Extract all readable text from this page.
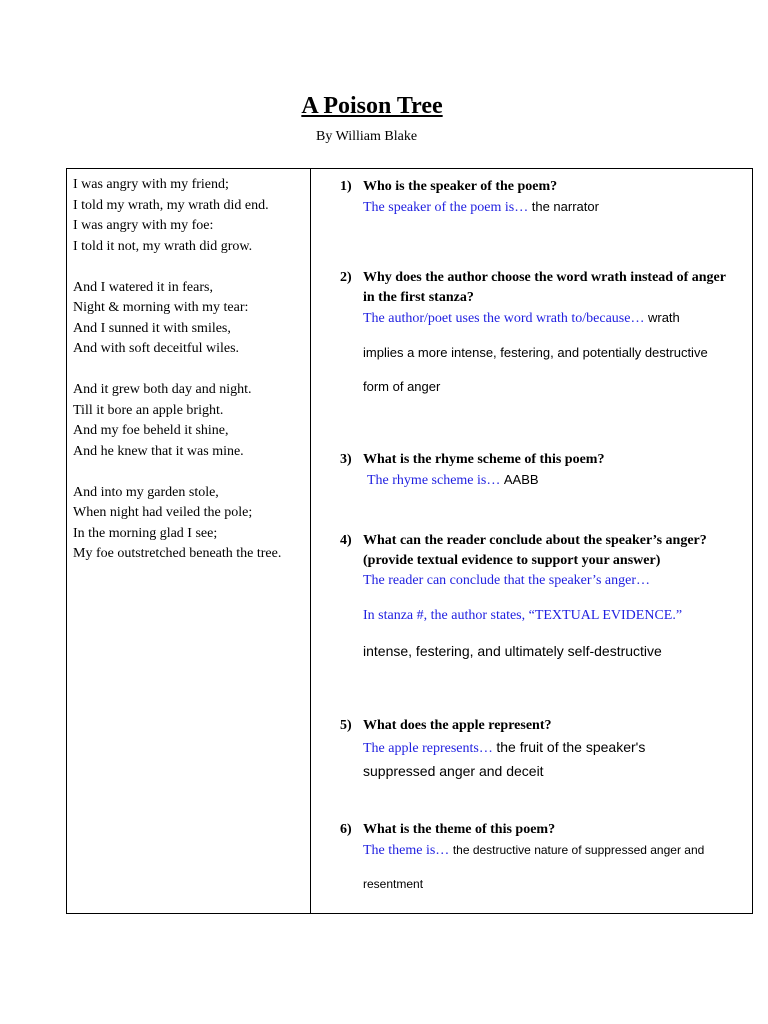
A Poison Tree
By William Blake
I was angry with my friend;
I told my wrath, my wrath did end.
I was angry with my foe:
I told it not, my wrath did grow.
And I watered it in fears,
Night & morning with my tear:
And I sunned it with smiles,
And with soft deceitful wiles.
And it grew both day and night.
Till it bore an apple bright.
And my foe beheld it shine,
And he knew that it was mine.
And into my garden stole,
When night had veiled the pole;
In the morning glad I see;
My foe outstretched beneath the tree.
1) Who is the speaker of the poem?
The speaker of the poem is… the narrator
2) Why does the author choose the word wrath instead of anger in the first stanza?
The author/poet uses the word wrath to/because… wrath
implies a more intense, festering, and potentially destructive
form of anger
3) What is the rhyme scheme of this poem?
The rhyme scheme is… AABB
4) What can the reader conclude about the speaker’s anger? (provide textual evidence to support your answer)
The reader can conclude that the speaker’s anger…
In stanza #, the author states, “TEXTUAL EVIDENCE.”
intense, festering, and ultimately self-destructive
5) What does the apple represent?
The apple represents… the fruit of the speaker's
suppressed anger and deceit
6) What is the theme of this poem?
The theme is… the destructive nature of suppressed anger and
resentment
